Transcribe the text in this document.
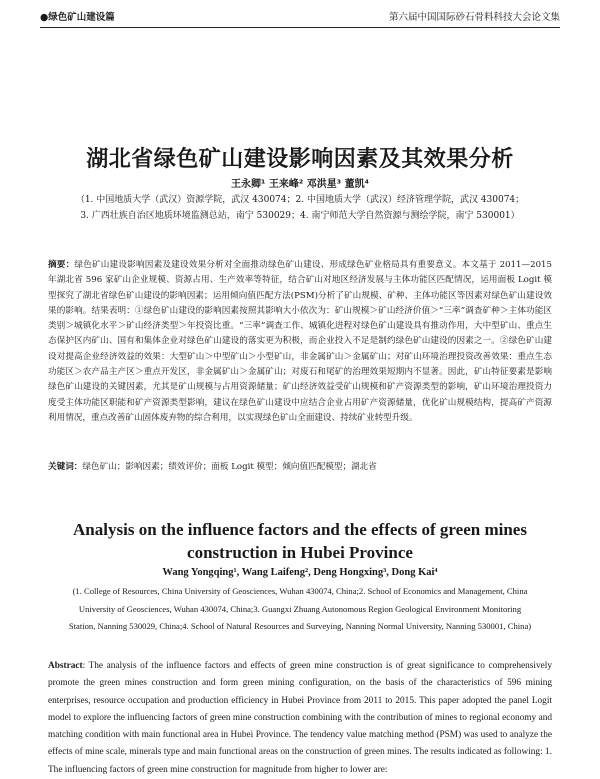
●绿色矿山建设篇	第六届中国国际砂石骨料科技大会论文集
湖北省绿色矿山建设影响因素及其效果分析
王永卿¹ 王来峰² 邓洪星³ 董凯⁴
（1. 中国地质大学（武汉）资源学院，武汉 430074；2. 中国地质大学（武汉）经济管理学院，武汉 430074；
3. 广西壮族自治区地质环境监测总站，南宁 530029；4. 南宁师范大学自然资源与测绘学院，南宁 530001）
摘要：绿色矿山建设影响因素及建设效果分析对全面推动绿色矿山建设、形成绿色矿业格局具有重要意义。本文基于 2011—2015 年湖北省 596 家矿山企业规模、资源占用、生产效率等特征，结合矿山对地区经济发展与主体功能区匹配情况，运用面板 Logit 模型探究了湖北省绿色矿山建设的影响因素；运用倾向值匹配方法(PSM)分析了矿山规模、矿种、主体功能区等因素对绿色矿山建设效果的影响。结果表明：①绿色矿山建设的影响因素按照其影响大小依次为：矿山规模＞矿山经济价值＞“三率”调查矿种＞主体功能区类别＞城镇化水平＞矿山经济类型＞年投资比重。“三率”调查工作、城镇化进程对绿色矿山建设具有推动作用，大中型矿山、重点生态保护区内矿山、国有和集体企业对绿色矿山建设的落实更为积极，而企业投入不足是制约绿色矿山建设的因素之一。②绿色矿山建设对提高企业经济效益的效果：大型矿山＞中型矿山＞小型矿山，非金属矿山＞金属矿山；对矿山环境治理投资改善效果：重点生态功能区＞农产品主产区＞重点开发区，非金属矿山＞金属矿山；对废石和尾矿的治理效果短期内不显著。因此，矿山特征要素是影响绿色矿山建设的关键因素，尤其是矿山规模与占用资源储量；矿山经济效益受矿山规模和矿产资源类型的影响，矿山环境治理投资力度受主体功能区职能和矿产资源类型影响，建议在绿色矿山建设中应结合企业占用矿产资源储量，优化矿山规模结构，提高矿产资源利用情况，重点改善矿山固体废弃物的综合利用，以实现绿色矿山全面建设、持续矿业转型升级。
关键词：绿色矿山；影响因素；绩效评价；面板 Logit 模型；倾向值匹配模型；湖北省
Analysis on the influence factors and the effects of green mines
construction in Hubei Province
Wang Yongqing¹, Wang Laifeng², Deng Hongxing³, Dong Kai⁴
(1. College of Resources, China University of Geosciences, Wuhan 430074, China;2. School of Economics and Management, China
University of Geosciences, Wuhan 430074, China;3. Guangxi Zhuang Autonomous Region Geological Environment Monitoring
Station, Nanning 530029, China;4. School of Natural Resources and Surveying, Nanning Normal University, Nanning 530001, China)
Abstract: The analysis of the influence factors and effects of green mine construction is of great significance to comprehensively promote the green mines construction and form green mining configuration, on the basis of the characteristics of 596 mining enterprises, resource occupation and production efficiency in Hubei Province from 2011 to 2015. This paper adopted the panel Logit model to explore the influencing factors of green mine construction combining with the contribution of mines to regional economy and matching condition with main functional area in Hubei Province. The tendency value matching method (PSM) was used to analyze the effects of mine scale, minerals type and main functional areas on the construction of green mines. The results indicated as following: 1. The influencing factors of green mine construction for magnitude from higher to lower are:
